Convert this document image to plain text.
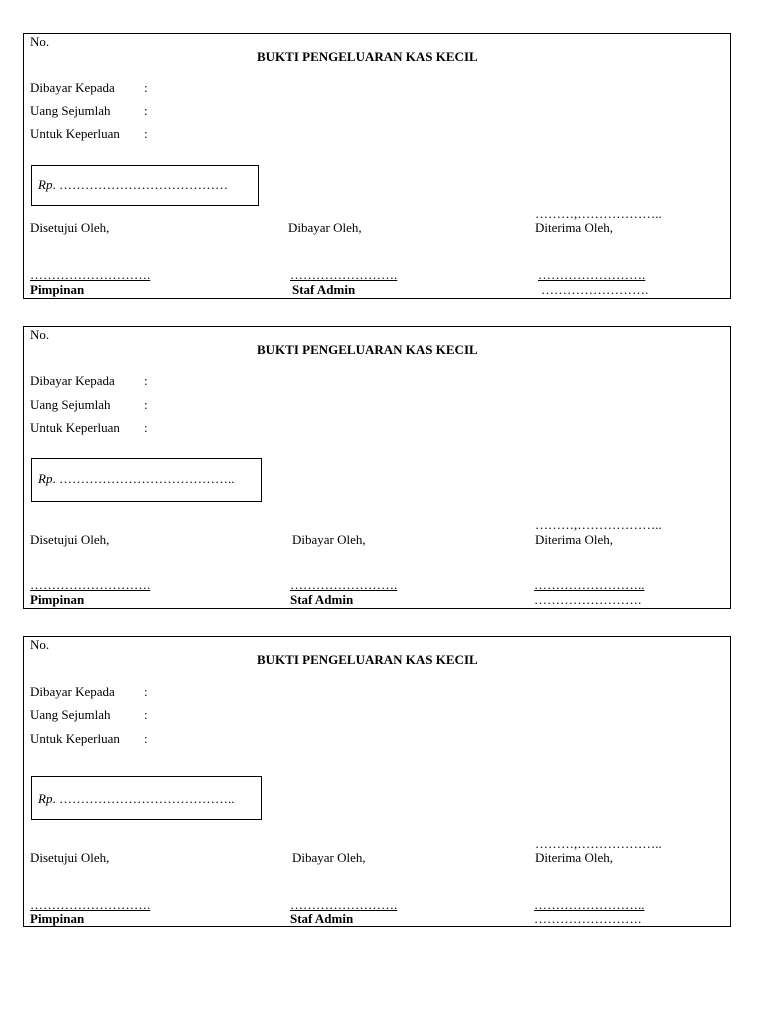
No.
BUKTI PENGELUARAN KAS KECIL
Dibayar Kepada :
Uang Sejumlah	:
Untuk Keperluan :
Rp. …………………………………
………,………………..
Disetujui Oleh,	Dibayar Oleh,	Diterima Oleh,
……………………….	…………………….	…………………….
Pimpinan	Staf Admin	…………………….
No.
BUKTI PENGELUARAN KAS KECIL
Dibayar Kepada :
Uang Sejumlah	:
Untuk Keperluan :
Rp. …………………………………..
………,………………..
Disetujui Oleh,	Dibayar Oleh,	Diterima Oleh,
……………………….	…………………….	……………………..
Pimpinan	Staf Admin	…………………….
No.
BUKTI PENGELUARAN KAS KECIL
Dibayar Kepada :
Uang Sejumlah	:
Untuk Keperluan :
Rp. …………………………………..
………,………………..
Disetujui Oleh,	Dibayar Oleh,	Diterima Oleh,
……………………….	…………………….	……………………..
Pimpinan	Staf Admin	…………………….
